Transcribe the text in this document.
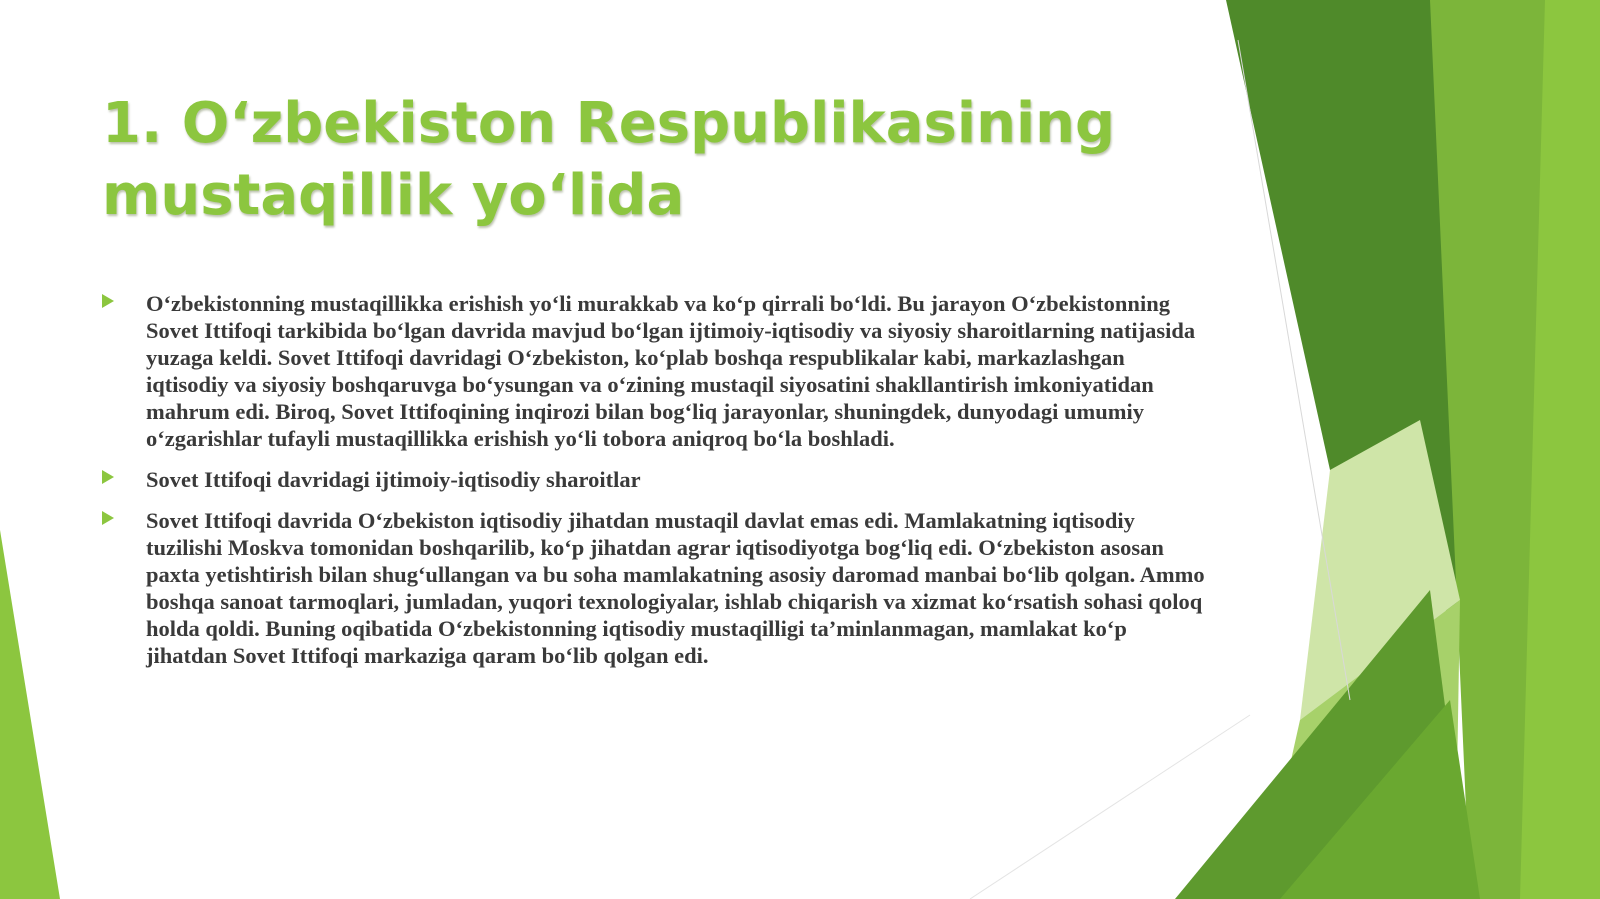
1. O‘zbekiston Respublikasining mustaqillik yo‘lida
O‘zbekistonning mustaqillikka erishish yo‘li murakkab va ko‘p qirrali bo‘ldi. Bu jarayon O‘zbekistonning Sovet Ittifoqi tarkibida bo‘lgan davrida mavjud bo‘lgan ijtimoiy-iqtisodiy va siyosiy sharoitlarning natijasida yuzaga keldi. Sovet Ittifoqi davridagi O‘zbekiston, ko‘plab boshqa respublikalar kabi, markazlashgan iqtisodiy va siyosiy boshqaruvga bo‘ysungan va o‘zining mustaqil siyosatini shakllantirish imkoniyatidan mahrum edi. Biroq, Sovet Ittifoqining inqirozi bilan bog‘liq jarayonlar, shuningdek, dunyodagi umumiy o‘zgarishlar tufayli mustaqillikka erishish yo‘li tobora aniqroq bo‘la boshladi.
Sovet Ittifoqi davridagi ijtimoiy-iqtisodiy sharoitlar
Sovet Ittifoqi davrida O‘zbekiston iqtisodiy jihatdan mustaqil davlat emas edi. Mamlakatning iqtisodiy tuzilishi Moskva tomonidan boshqarilib, ko‘p jihatdan agrar iqtisodiyotga bog‘liq edi. O‘zbekiston asosan paxta yetishtirish bilan shug‘ullangan va bu soha mamlakatning asosiy daromad manbai bo‘lib qolgan. Ammo boshqa sanoat tarmoqlari, jumladan, yuqori texnologiyalar, ishlab chiqarish va xizmat ko‘rsatish sohasi qoloq holda qoldi. Buning oqibatida O‘zbekistonning iqtisodiy mustaqilligi ta’minlanmagan, mamlakat ko‘p jihatdan Sovet Ittifoqi markaziga qaram bo‘lib qolgan edi.
